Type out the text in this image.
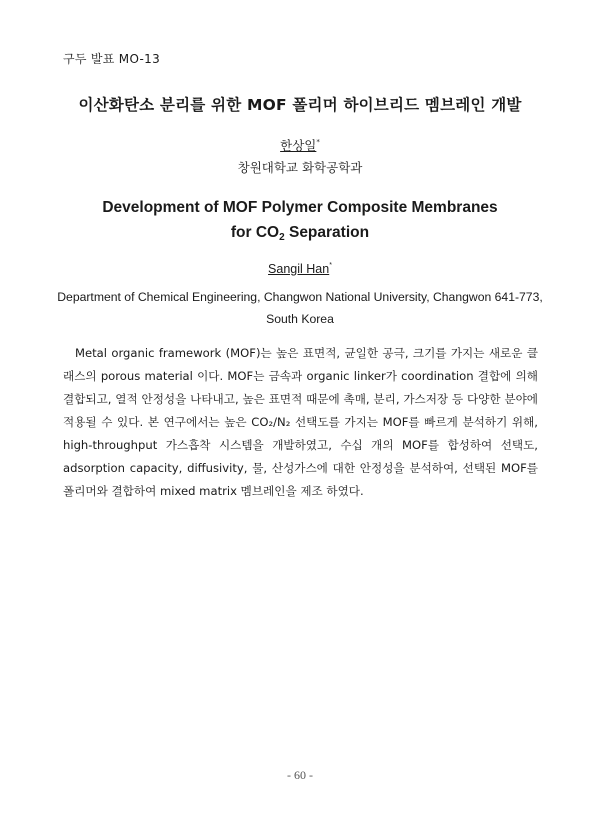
구두 발표 MO-13
이산화탄소 분리를 위한 MOF 폴리머 하이브리드 멤브레인 개발
한상일*
창원대학교 화학공학과
Development of MOF Polymer Composite Membranes
for $CO_2$ Separation
Sangil Han*
Department of Chemical Engineering, Changwon National University, Changwon 641-773,
South Korea

Metal organic framework (MOF)는 높은 표면적, 균일한 공극, 크기를 가지는 새로운 클래스의 porous material 이다. MOF는 금속과 organic linker가 coordination 결합에 의해 결합되고, 열적 안정성을 나타내고, 높은 표면적 때문에 촉매, 분리, 가스저장 등 다양한 분야에 적용될 수 있다. 본 연구에서는 높은 CO₂/N₂ 선택도를 가지는 MOF를 빠르게 분석하기 위해, high-throughput 가스흡착 시스템을 개발하였고, 수십 개의 MOF를 합성하여 선택도, adsorption capacity, diffusivity, 물, 산성가스에 대한 안정성을 분석하여, 선택된 MOF를 폴리머와 결합하여 mixed matrix 멤브레인을 제조 하였다.

- 60 -
